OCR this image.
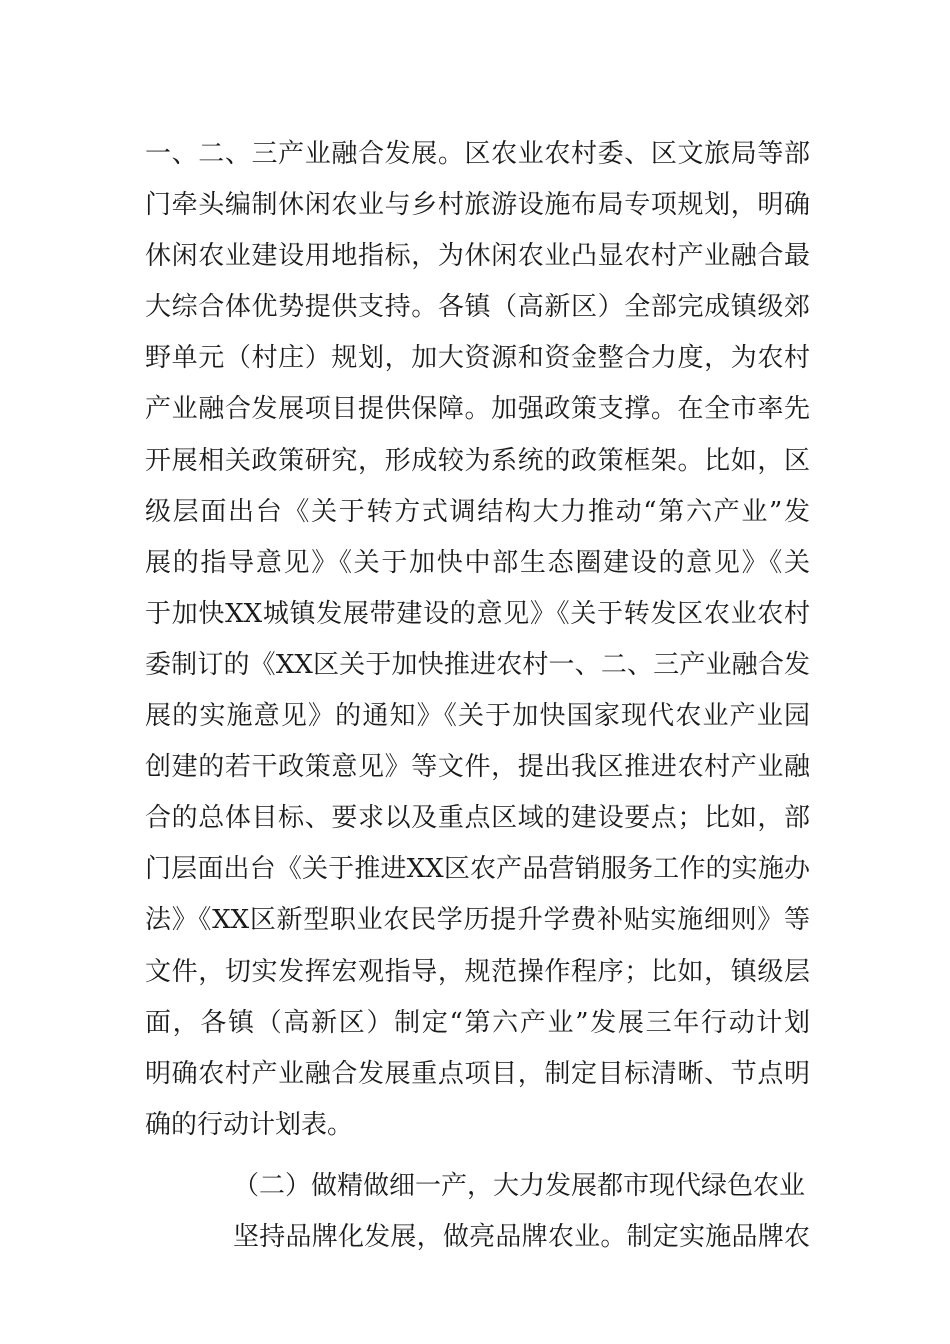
一、二、三产业融合发展。区农业农村委、区文旅局等部
门牵头编制休闲农业与乡村旅游设施布局专项规划，明确
休闲农业建设用地指标，为休闲农业凸显农村产业融合最
大综合体优势提供支持。各镇（高新区）全部完成镇级郊
野单元（村庄）规划，加大资源和资金整合力度，为农村
产业融合发展项目提供保障。加强政策支撑。在全市率先
开展相关政策研究，形成较为系统的政策框架。比如，区
级层面出台《关于转方式调结构大力推动“第六产业”发
展的指导意见》《关于加快中部生态圈建设的意见》《关
于加快XX城镇发展带建设的意见》《关于转发区农业农村
委制订的《XX区关于加快推进农村一、二、三产业融合发
展的实施意见》的通知》《关于加快国家现代农业产业园
创建的若干政策意见》等文件，提出我区推进农村产业融
合的总体目标、要求以及重点区域的建设要点；比如，部
门层面出台《关于推进XX区农产品营销服务工作的实施办
法》《XX区新型职业农民学历提升学费补贴实施细则》等
文件，切实发挥宏观指导，规范操作程序；比如，镇级层
面，各镇（高新区）制定“第六产业”发展三年行动计划
明确农村产业融合发展重点项目，制定目标清晰、节点明
确的行动计划表。
（二）做精做细一产，大力发展都市现代绿色农业
坚持品牌化发展，做亮品牌农业。制定实施品牌农
